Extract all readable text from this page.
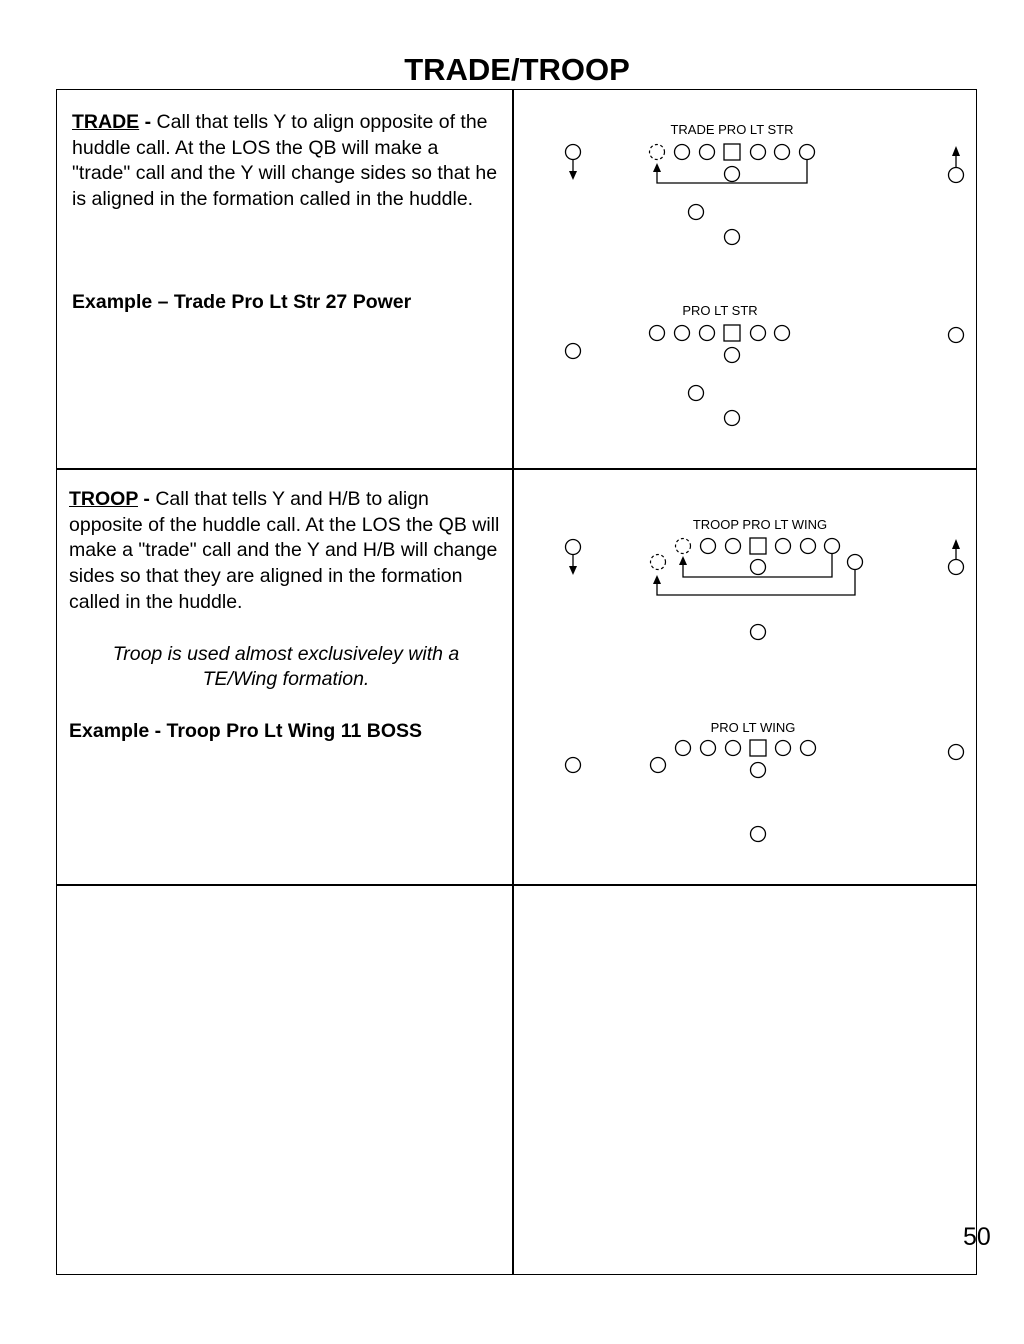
TRADE/TROOP
TRADE - Call that tells Y to align opposite of the huddle call. At the LOS the QB will make a "trade" call and the Y will change sides so that he is aligned in the formation called in the huddle.
Example – Trade Pro Lt Str 27 Power
TROOP - Call that tells Y and H/B to align opposite of the huddle call. At the LOS the QB will make a "trade" call and the Y and H/B will change sides so that they are aligned in the formation called in the huddle.
Troop is used almost exclusiveley with a TE/Wing formation.
Example - Troop Pro Lt Wing 11 BOSS
50
TRADE PRO LT STR
PRO LT STR
TROOP PRO LT WING
PRO LT WING
